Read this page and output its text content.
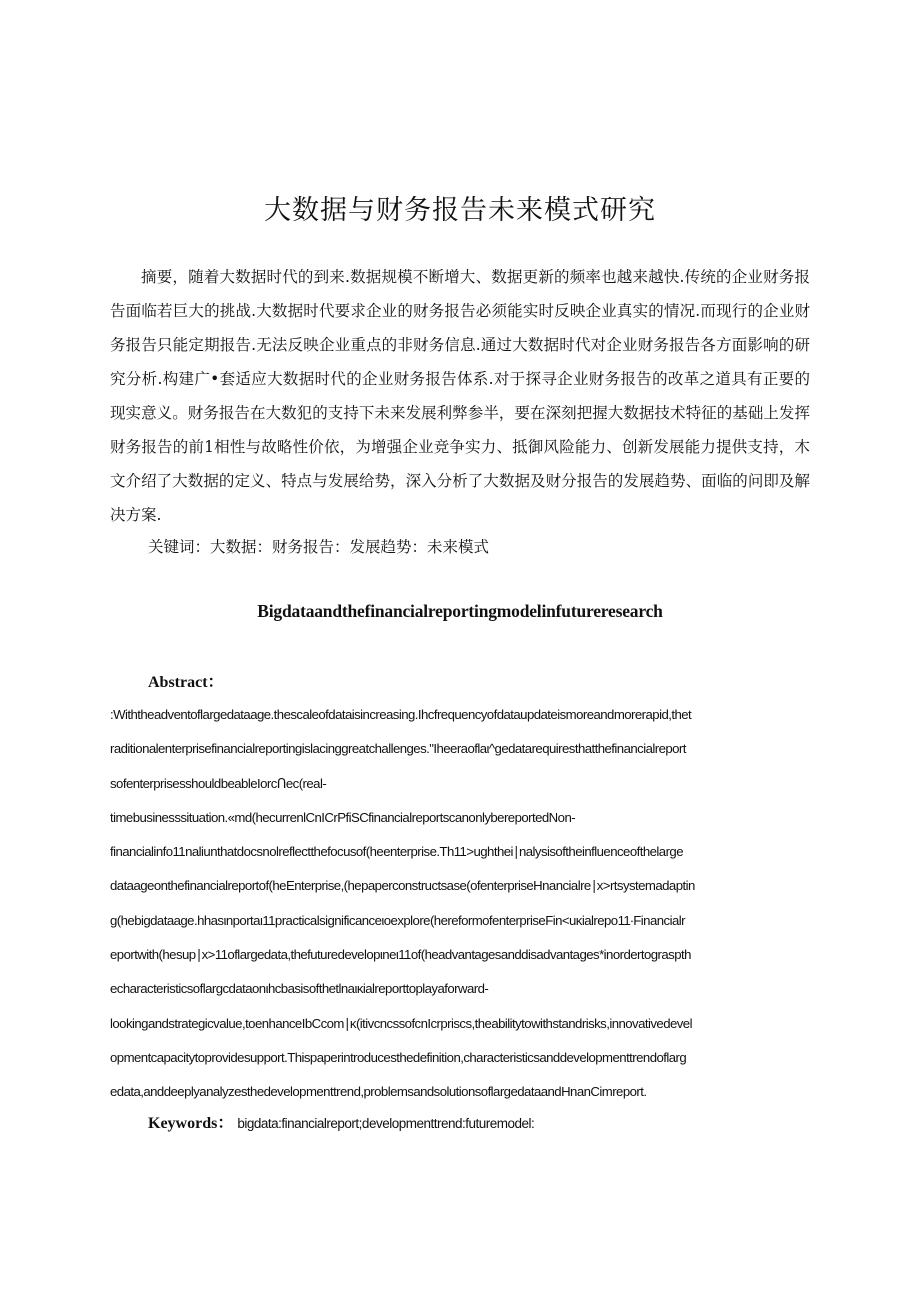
大数据与财务报告未来模式研究

摘要，随着大数据时代的到来.数据规模不断增大、数据更新的频率也越来越快.传统的企业财务报告面临若巨大的挑战.大数据时代要求企业的财务报告必须能实时反映企业真实的情况.而现行的企业财务报告只能定期报告.无法反映企业重点的非财务信息.通过大数据时代对企业财务报告各方面影响的研究分析.构建广•套适应大数据时代的企业财务报告体系.对于探寻企业财务报告的改革之道具有正要的现实意义。财务报告在大数犯的支持下未来发展利弊参半，要在深刻把握大数据技术特征的基础上发挥财务报告的前1相性与故略性价依，为增强企业竞争实力、抵御风险能力、创新发展能力提供支持，木文介绍了大数据的定义、特点与发展给势，深入分析了大数据及财分报告的发展趋势、面临的问即及解决方案.

关键词：大数据：财务报告：发展趋势：未来模式

Bigdataandthefinancialreportingmodelinfutureresearch
Abstract：
:Withtheadventoflargedataage.thescaleofdataisincreasing.Ihcfrequencyofdataupdateismoreandmorerapid,thet
raditionalenterprisefinancialreportingislacinggreatchallenges."Iheeraoflaι^gedatarequiresthatthefinancialreport
sofenterprisesshouldbeableIorcՈec(real-
timebusinesssituation.«md(hecurrenlCnICrPfiSCfinancialreportscanonlybereportedNon-
financialinfo11naliunthatdocsnolreflectthefocusof(heenterprise.Th11>ughthei∣nalysisoftheinfluenceofthelarge
dataageonthefinancialreportof(heEnterprise,(hepaperconstructsase(ofenterpriseHnancialre∣x>rtsystemadaptin
g(hebigdataage.hhasιnportaι11practicalsignificanceιoexplore(hereformofenterpriseFin<uκialrepo11∙Financialr
eportwith(hesup∣x>11oflargedata,thefuturedevelopιneι11of(headvantagesanddisadvantages*inordertograspth
echaracteristicsoflargcdataonιhcbasisofthetlnaικialreporttoplayaforward-
lookingandstrategicvalue,toenhanceIbCcom∣κ(itivcncssofcnIcrpriscs,theabilitytowithstandrisks,innovativedevel
opmentcapacitytoprovidesupport.Thispaperintroducesthedefinition,characteristicsanddevelopmenttrendoflarg
edata,anddeeplyanalyzesthedevelopmenttrend,problemsandsolutionsoflargedataandHnanCimreport.

Keywords： bigdata:financialreport;developmenttrend:futuremodel:
